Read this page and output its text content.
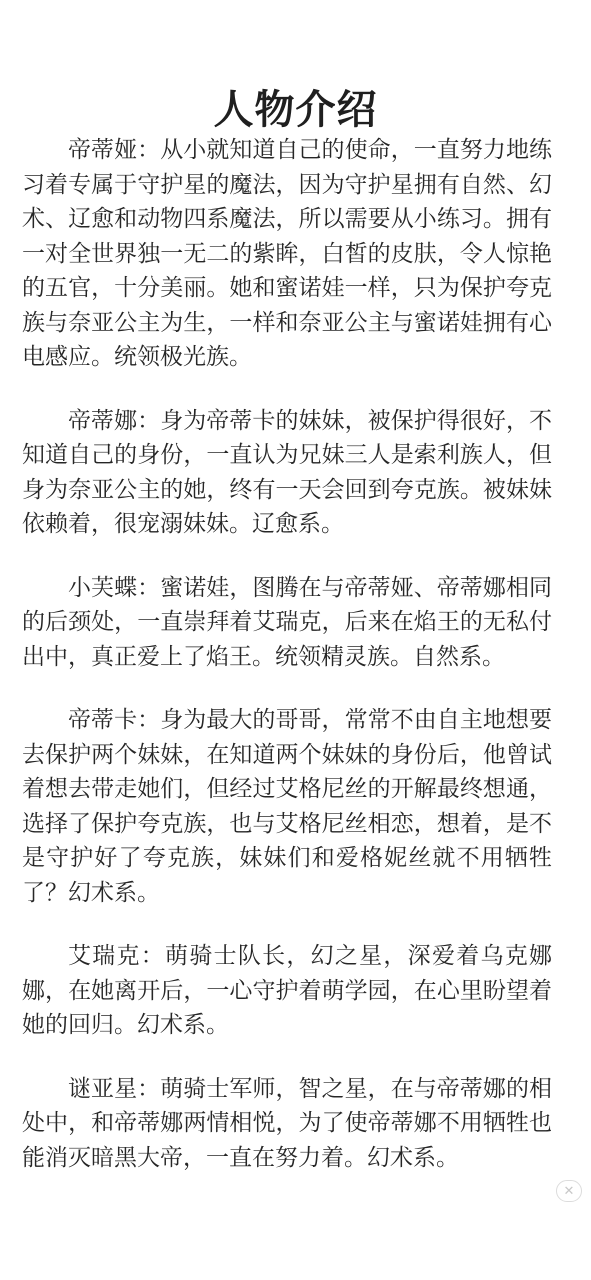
人物介绍

帝蒂娅：从小就知道自己的使命，一直努力地练习着专属于守护星的魔法，因为守护星拥有自然、幻术、辽愈和动物四系魔法，所以需要从小练习。拥有一对全世界独一无二的紫眸，白皙的皮肤，令人惊艳的五官，十分美丽。她和蜜诺娃一样，只为保护夸克族与奈亚公主为生，一样和奈亚公主与蜜诺娃拥有心电感应。统领极光族。

帝蒂娜：身为帝蒂卡的妹妹，被保护得很好，不知道自己的身份，一直认为兄妹三人是索利族人，但身为奈亚公主的她，终有一天会回到夸克族。被妹妹依赖着，很宠溺妹妹。辽愈系。

小芙蝶：蜜诺娃，图腾在与帝蒂娅、帝蒂娜相同的后颈处，一直崇拜着艾瑞克，后来在焰王的无私付出中，真正爱上了焰王。统领精灵族。自然系。

帝蒂卡：身为最大的哥哥，常常不由自主地想要去保护两个妹妹，在知道两个妹妹的身份后，他曾试着想去带走她们，但经过艾格尼丝的开解最终想通，选择了保护夸克族，也与艾格尼丝相恋，想着，是不是守护好了夸克族，妹妹们和爱格妮丝就不用牺牲了？幻术系。

艾瑞克：萌骑士队长，幻之星，深爱着乌克娜娜，在她离开后，一心守护着萌学园，在心里盼望着她的回归。幻术系。

谜亚星：萌骑士军师，智之星，在与帝蒂娜的相处中，和帝蒂娜两情相悦，为了使帝蒂娜不用牺牲也能消灭暗黑大帝，一直在努力着。幻术系。

✕
